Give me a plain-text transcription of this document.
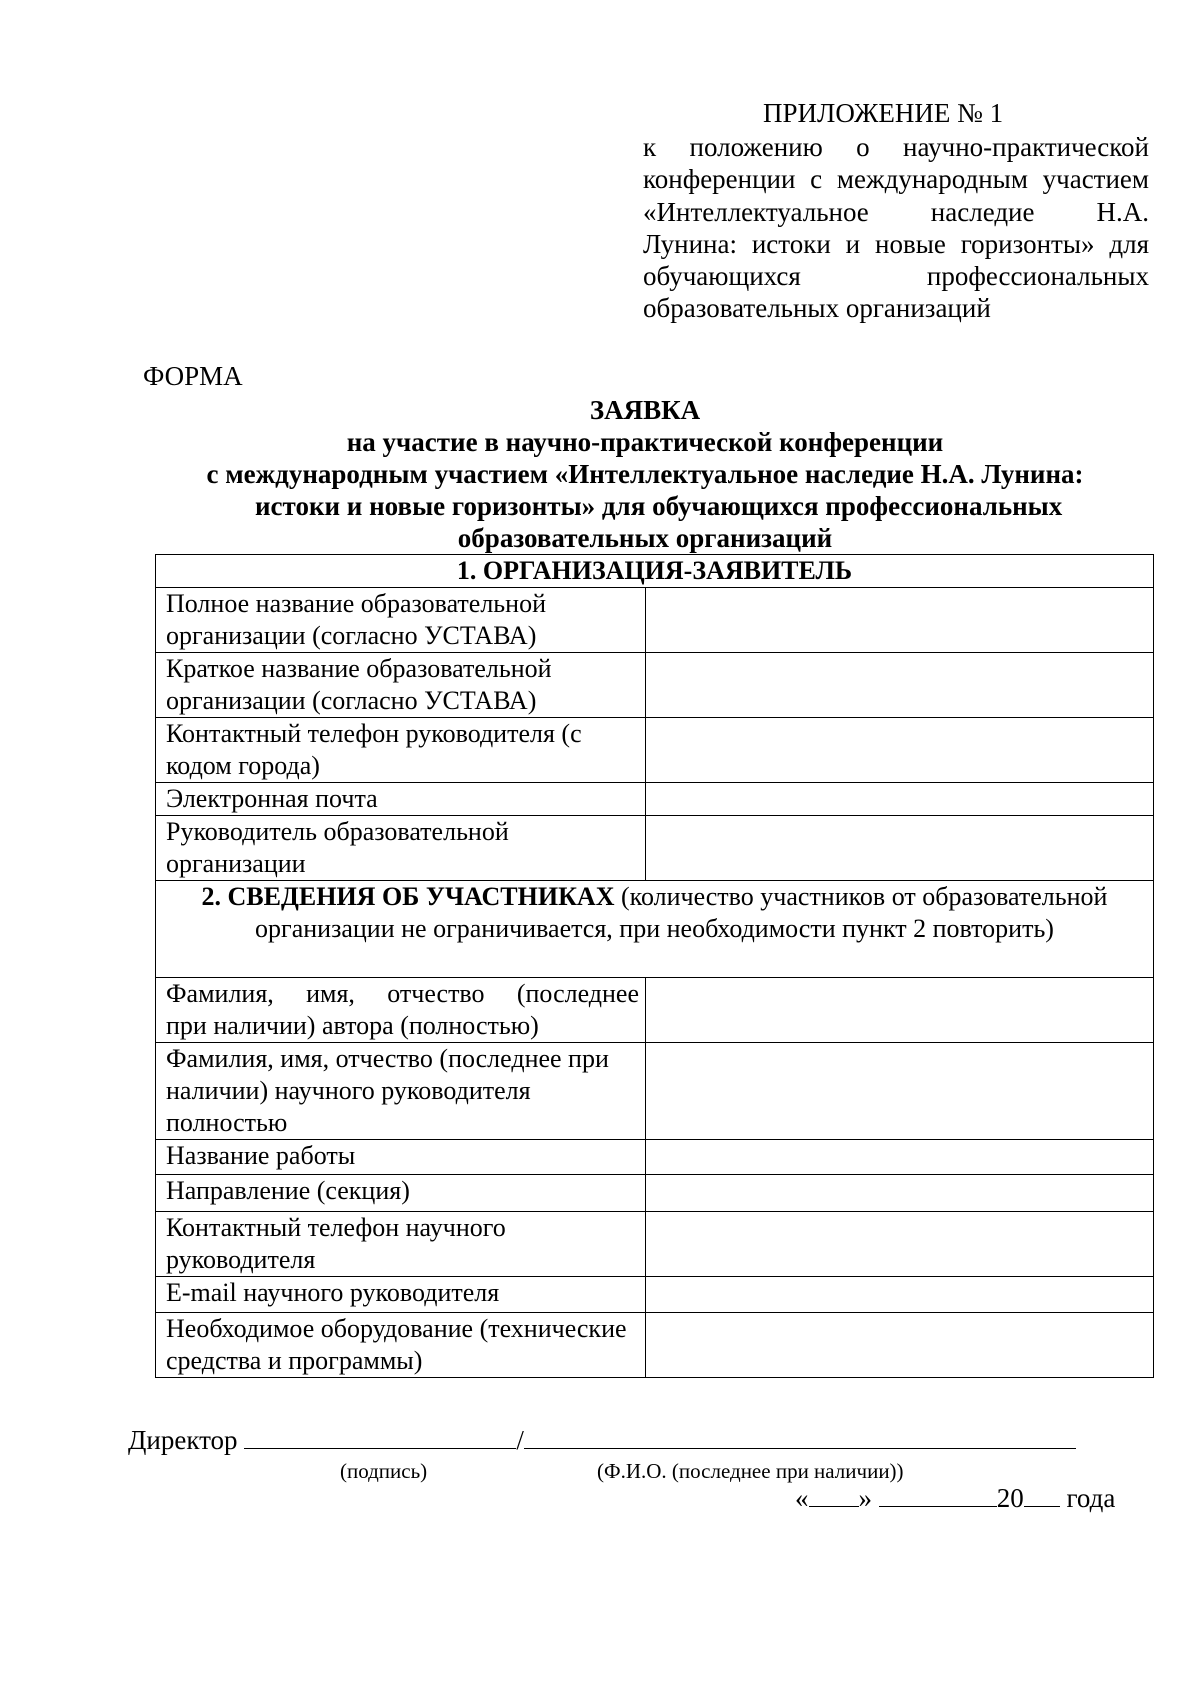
ПРИЛОЖЕНИЕ № 1
к положению о научно-практической
конференции с международным участием
«Интеллектуальное наследие Н.А.
Лунина: истоки и новые горизонты» для
обучающихся профессиональных
образовательных организаций
ФОРМА
ЗАЯВКА
на участие в научно-практической конференции
с международным участием «Интеллектуальное наследие Н.А. Лунина:
истоки и новые горизонты» для обучающихся профессиональных
образовательных организаций
1. ОРГАНИЗАЦИЯ-ЗАЯВИТЕЛЬ	
Полное название образовательной организации (согласно УСТАВА)	
Краткое название образовательной организации (согласно УСТАВА)	
Контактный телефон руководителя (с кодом города)	
Электронная почта	
Руководитель образовательной организации	
2. СВЕДЕНИЯ ОБ УЧАСТНИКАХ (количество участников от образовательной организации не ограничивается, при необходимости пункт 2 повторить)	

Фамилия, имя, отчество (последнее
при наличии) автора (полностью)	
Фамилия, имя, отчество (последнее при наличии) научного руководителя полностью	
Название работы	
Направление (секция)	
Контактный телефон научного руководителя	
E-mail научного руководителя	
Необходимое оборудование (технические средства и программы)	
Директор	/
(подпись)	(Ф.И.О. (последнее при наличии))
« »	20 года
